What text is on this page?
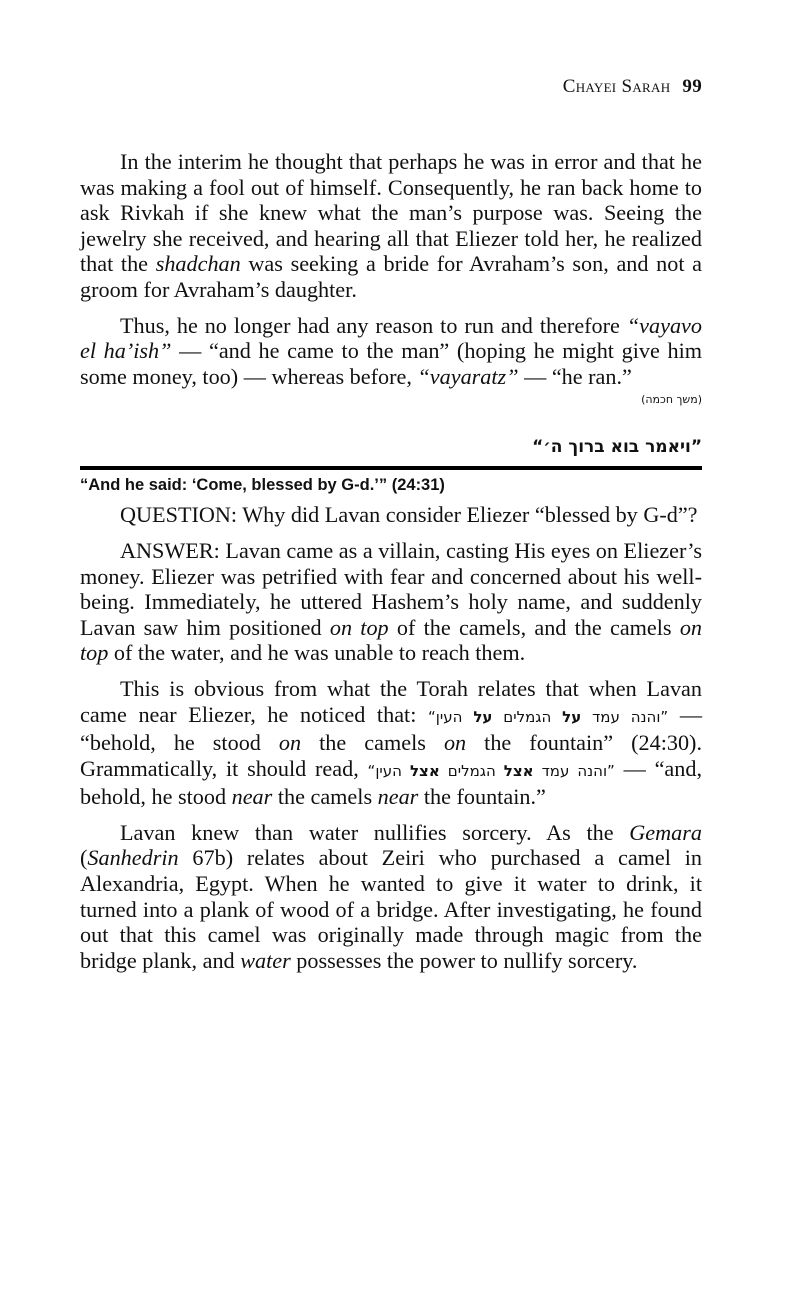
Chayei Sarah 99

In the interim he thought that perhaps he was in error and that he was making a fool out of himself. Consequently, he ran back home to ask Rivkah if she knew what the man’s purpose was. Seeing the jewelry she received, and hearing all that Eliezer told her, he realized that the shadchan was seeking a bride for Avraham’s son, and not a groom for Avraham’s daughter.

Thus, he no longer had any reason to run and therefore “vayavo el ha’ish” — “and he came to the man” (hoping he might give him some money, too) — whereas before, “vayaratz” — “he ran.”

(משך חכמה)
”ויאמר בוא ברוך ה׳“
“And he said: ‘Come, blessed by G-d.’” (24:31)

QUESTION: Why did Lavan consider Eliezer “blessed by G-d”?

ANSWER: Lavan came as a villain, casting His eyes on Eliezer’s money. Eliezer was petrified with fear and concerned about his well-being. Immediately, he uttered Hashem’s holy name, and suddenly Lavan saw him positioned on top of the camels, and the camels on top of the water, and he was unable to reach them.

This is obvious from what the Torah relates that when Lavan came near Eliezer, he noticed that:	”והנה עמד על הגמלים על העין“	— “behold, he stood on the camels on the fountain” (24:30). Grammatically, it should read,	”והנה עמד אצל הגמלים אצל העין“	— “and, behold, he stood near the camels near the fountain.”

Lavan knew than water nullifies sorcery. As the Gemara (Sanhedrin 67b) relates about Zeiri who purchased a camel in Alexandria, Egypt. When he wanted to give it water to drink, it turned into a plank of wood of a bridge. After investigating, he found out that this camel was originally made through magic from the bridge plank, and water possesses the power to nullify sorcery.
